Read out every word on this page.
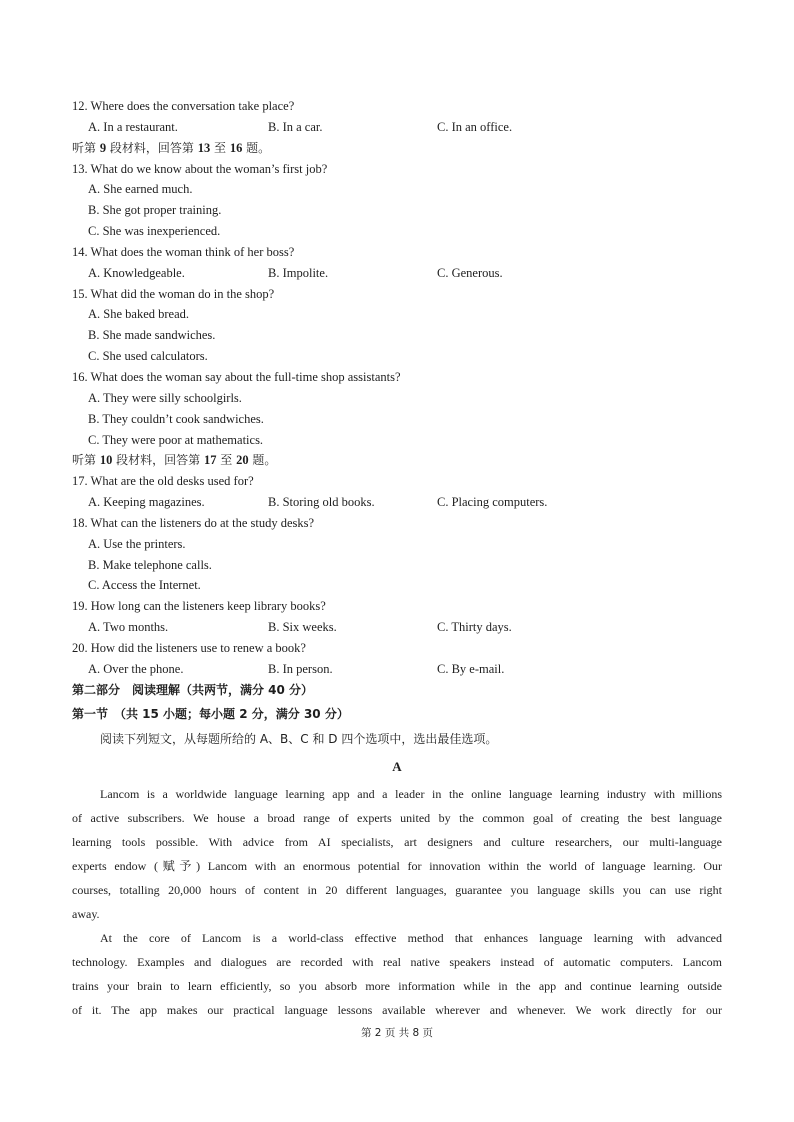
12. Where does the conversation take place?
A. In a restaurant.	B. In a car.	C. In an office.
听第 9 段材料，回答第 13 至 16 题。
13. What do we know about the woman’s first job?
A. She earned much.
B. She got proper training.
C. She was inexperienced.
14. What does the woman think of her boss?
A. Knowledgeable.	B. Impolite.	C. Generous.
15. What did the woman do in the shop?
A. She baked bread.
B. She made sandwiches.
C. She used calculators.
16. What does the woman say about the full-time shop assistants?
A. They were silly schoolgirls.
B. They couldn’t cook sandwiches.
C. They were poor at mathematics.
听第 10 段材料，回答第 17 至 20 题。
17. What are the old desks used for?
A. Keeping magazines.	B. Storing old books.	C. Placing computers.
18. What can the listeners do at the study desks?
A. Use the printers.
B. Make telephone calls.
C. Access the Internet.
19. How long can the listeners keep library books?
A. Two months.	B. Six weeks.	C. Thirty days.
20. How did the listeners use to renew a book?
A. Over the phone.	B. In person.	C. By e-mail.
第二部分　阅读理解（共两节，满分 40 分）
第一节　（共 15 小题；每小题 2 分，满分 30 分）
阅读下列短文，从每题所给的 A、B、C 和 D 四个选项中，选出最佳选项。
A
Lancom is a worldwide language learning app and a leader in the online language learning industry with millions
of active subscribers. We house a broad range of experts united by the common goal of creating the best language
learning tools possible. With advice from AI specialists, art designers and culture researchers, our multi-language
experts endow (赋予) Lancom with an enormous potential for innovation within the world of language learning. Our
courses, totalling 20,000 hours of content in 20 different languages, guarantee you language skills you can use right
away.
At the core of Lancom is a world-class effective method that enhances language learning with advanced
technology. Examples and dialogues are recorded with real native speakers instead of automatic computers. Lancom
trains your brain to learn efficiently, so you absorb more information while in the app and continue learning outside
of it. The app makes our practical language lessons available wherever and whenever. We work directly for our
第 2 页 共 8 页
